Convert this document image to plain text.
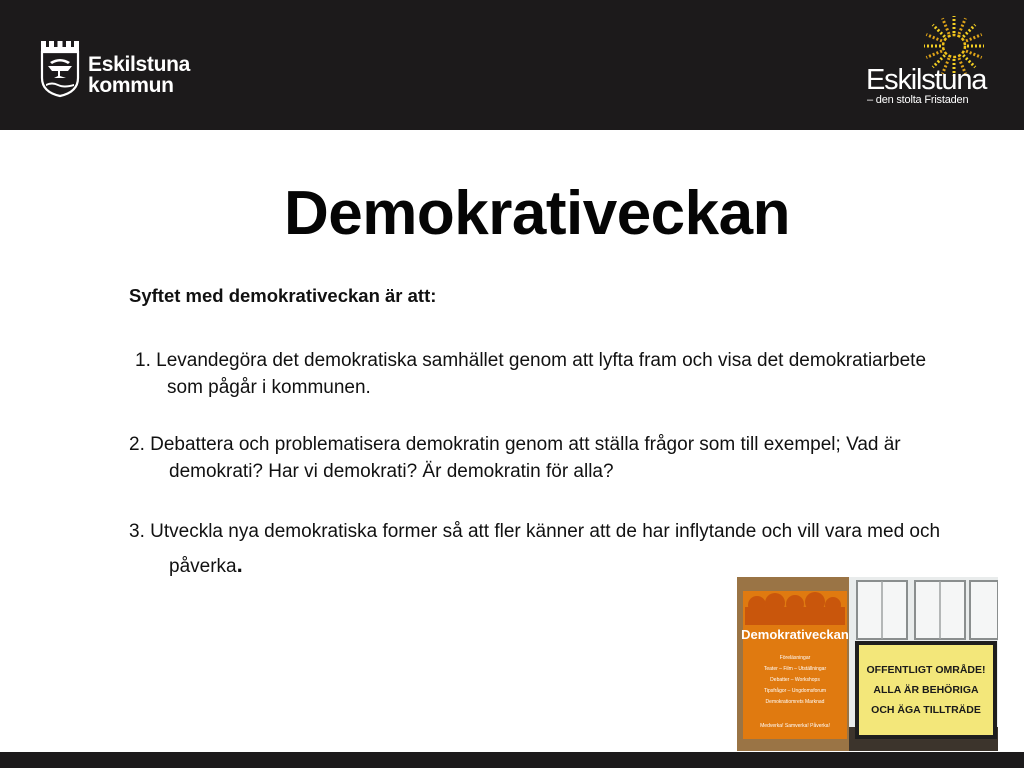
Eskilstuna
kommun	Eskilstuna
– den stolta Fristaden
Demokrativeckan

Syftet med demokrativeckan är att:

1. Levandegöra det demokratiska samhället genom att lyfta fram och visa det demokratiarbete som pågår i kommunen.

2. Debattera och problematisera demokratin genom att ställa frågor som till exempel; Vad är demokrati? Har vi demokrati? Är demokratin för alla?

3. Utveckla nya demokratiska former så att fler känner att de har inflytande och vill vara med och påverka.

Demokrativeckan
Föreläsningar
Teater – Film – Utställningar
Debatter – Workshops
Tipsfrågor – Ungdomsforum
Demokratiomrets Marknad
Medverka! Samverka! Påverka!
OFFENTLIGT OMRÅDE!
ALLA ÄR BEHÖRIGA
OCH ÄGA TILLTRÄDE
